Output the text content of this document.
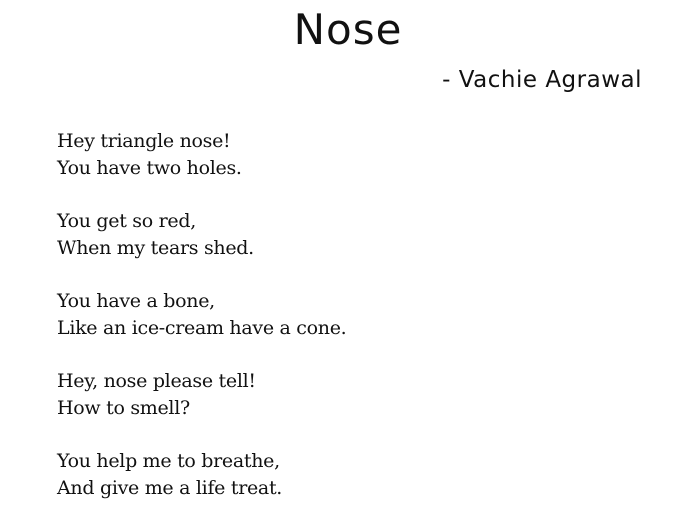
Nose
- Vachie Agrawal
Hey triangle nose!
You have two holes.
You get so red,
When my tears shed.
You have a bone,
Like an ice-cream have a cone.
Hey, nose please tell!
How to smell?
You help me to breathe,
And give me a life treat.
